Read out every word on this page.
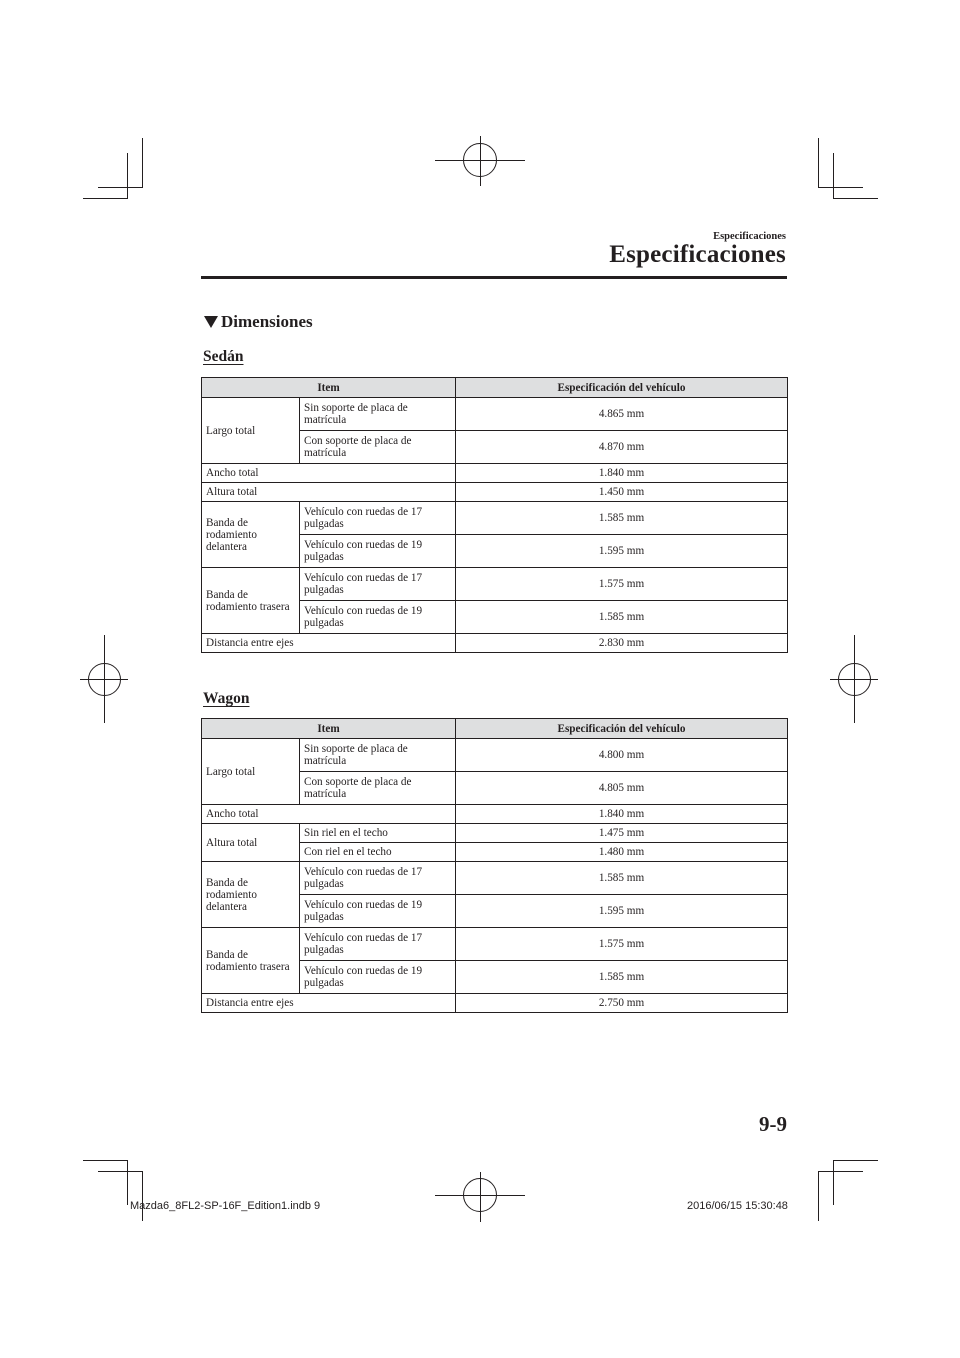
Especificaciones
Especificaciones
Dimensiones
Sedán
Item		Especificación del vehículo
Largo total	Sin soporte de placa de matrícula	4.865 mm
	Con soporte de placa de matrícula	4.870 mm
Ancho total		1.840 mm
Altura total		1.450 mm
Banda de rodamiento delantera	Vehículo con ruedas de 17 pulgadas	1.585 mm
	Vehículo con ruedas de 19 pulgadas	1.595 mm
Banda de rodamiento trasera	Vehículo con ruedas de 17 pulgadas	1.575 mm
	Vehículo con ruedas de 19 pulgadas	1.585 mm
Distancia entre ejes		2.830 mm
Wagon
Item		Especificación del vehículo
Largo total	Sin soporte de placa de matrícula	4.800 mm
	Con soporte de placa de matrícula	4.805 mm
Ancho total		1.840 mm
Altura total	Sin riel en el techo	1.475 mm
	Con riel en el techo	1.480 mm
Banda de rodamiento delantera	Vehículo con ruedas de 17 pulgadas	1.585 mm
	Vehículo con ruedas de 19 pulgadas	1.595 mm
Banda de rodamiento trasera	Vehículo con ruedas de 17 pulgadas	1.575 mm
	Vehículo con ruedas de 19 pulgadas	1.585 mm
Distancia entre ejes		2.750 mm
9-9
Mazda6_8FL2-SP-16F_Edition1.indb 9	2016/06/15 15:30:48
